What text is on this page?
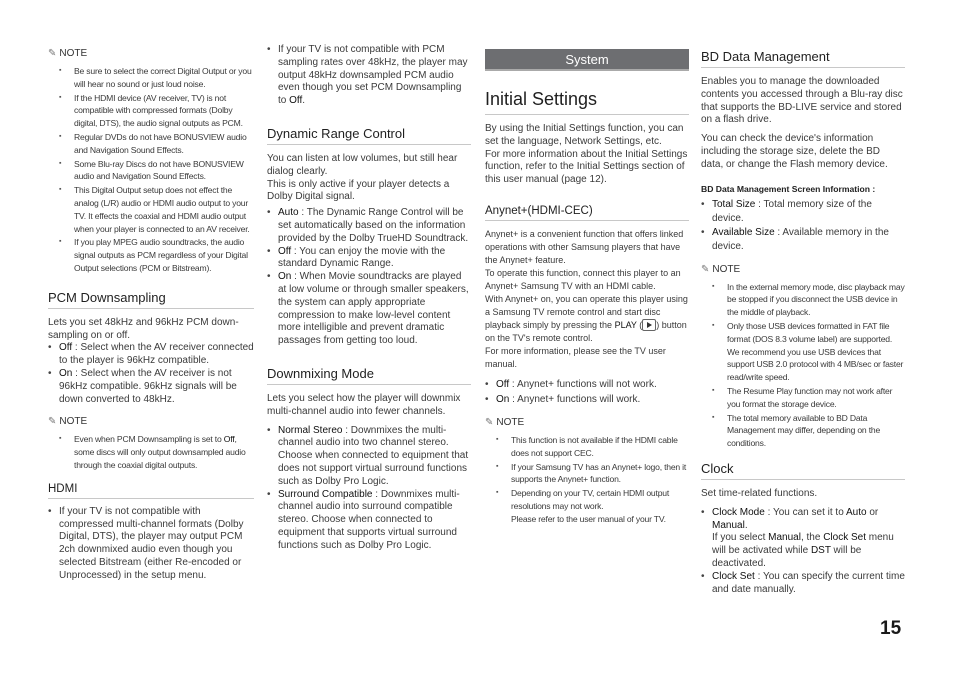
✎ NOTE
▪ Be sure to select the correct Digital Output or you will hear no sound or just loud noise.
▪ If the HDMI device (AV receiver, TV) is not compatible with compressed formats (Dolby digital, DTS), the audio signal outputs as PCM.
▪ Regular DVDs do not have BONUSVIEW audio and Navigation Sound Effects.
▪ Some Blu-ray Discs do not have BONUSVIEW audio and Navigation Sound Effects.
▪ This Digital Output setup does not effect the analog (L/R) audio or HDMI audio output to your TV. It effects the coaxial and HDMI audio output when your player is connected to an AV receiver.
▪ If you play MPEG audio soundtracks, the audio signal outputs as PCM regardless of your Digital Output selections (PCM or Bitstream).
PCM Downsampling

Lets you set 48kHz and 96kHz PCM down-sampling on or off.

• Off : Select when the AV receiver connected to the player is 96kHz compatible.
• On : Select when the AV receiver is not 96kHz compatible. 96kHz signals will be down converted to 48kHz.
✎ NOTE
▪ Even when PCM Downsampling is set to Off, some discs will only output downsampled audio through the coaxial digital outputs.
HDMI
• If your TV is not compatible with compressed multi-channel formats (Dolby Digital, DTS), the player may output PCM 2ch downmixed audio even though you selected Bitstream (either Re-encoded or Unprocessed) in the setup menu.
• If your TV is not compatible with PCM sampling rates over 48kHz, the player may output 48kHz downsampled PCM audio even though you set PCM Downsampling to Off.
Dynamic Range Control

You can listen at low volumes, but still hear dialog clearly.

This is only active if your player detects a Dolby Digital signal.

• Auto : The Dynamic Range Control will be set automatically based on the information provided by the Dolby TrueHD Soundtrack.
• Off : You can enjoy the movie with the standard Dynamic Range.
• On : When Movie soundtracks are played at low volume or through smaller speakers, the system can apply appropriate compression to make low-level content more intelligible and prevent dramatic passages from getting too loud.
Downmixing Mode

Lets you select how the player will downmix multi-channel audio into fewer channels.

• Normal Stereo : Downmixes the multi-channel audio into two channel stereo. Choose when connected to equipment that does not support virtual surround functions such as Dolby Pro Logic.
• Surround Compatible : Downmixes multi-channel audio into surround compatible stereo. Choose when connected to equipment that supports virtual surround functions such as Dolby Pro Logic.
System
Initial Settings

By using the Initial Settings function, you can set the language, Network Settings, etc.

For more information about the Initial Settings function, refer to the Initial Settings section of this user manual (page 12).

Anynet+(HDMI-CEC)

Anynet+ is a convenient function that offers linked operations with other Samsung players that have the Anynet+ feature.

To operate this function, connect this player to an Anynet+ Samsung TV with an HDMI cable.

With Anynet+ on, you can operate this player using a Samsung TV remote control and start disc playback simply by pressing the PLAY ( ) button on the TV's remote control.

For more information, please see the TV user manual.

• Off : Anynet+ functions will not work.
• On : Anynet+ functions will work.
✎ NOTE
▪ This function is not available if the HDMI cable does not support CEC.
▪ If your Samsung TV has an Anynet+ logo, then it supports the Anynet+ function.
▪ Depending on your TV, certain HDMI output resolutions may not work.
Please refer to the user manual of your TV.
BD Data Management

Enables you to manage the downloaded contents you accessed through a Blu-ray disc that supports the BD-LIVE service and stored on a flash drive.

You can check the device's information including the storage size, delete the BD data, or change the Flash memory device.

BD Data Management Screen Information :
• Total Size : Total memory size of the device.
• Available Size : Available memory in the device.
✎ NOTE
▪ In the external memory mode, disc playback may be stopped if you disconnect the USB device in the middle of playback.
▪ Only those USB devices formatted in FAT file format (DOS 8.3 volume label) are supported. We recommend you use USB devices that support USB 2.0 protocol with 4 MB/sec or faster read/write speed.
▪ The Resume Play function may not work after you format the storage device.
▪ The total memory available to BD Data Management may differ, depending on the conditions.
Clock

Set time-related functions.

• Clock Mode : You can set it to Auto or Manual.
If you select Manual, the Clock Set menu will be activated while DST will be deactivated.
• Clock Set : You can specify the current time and date manually.
15
